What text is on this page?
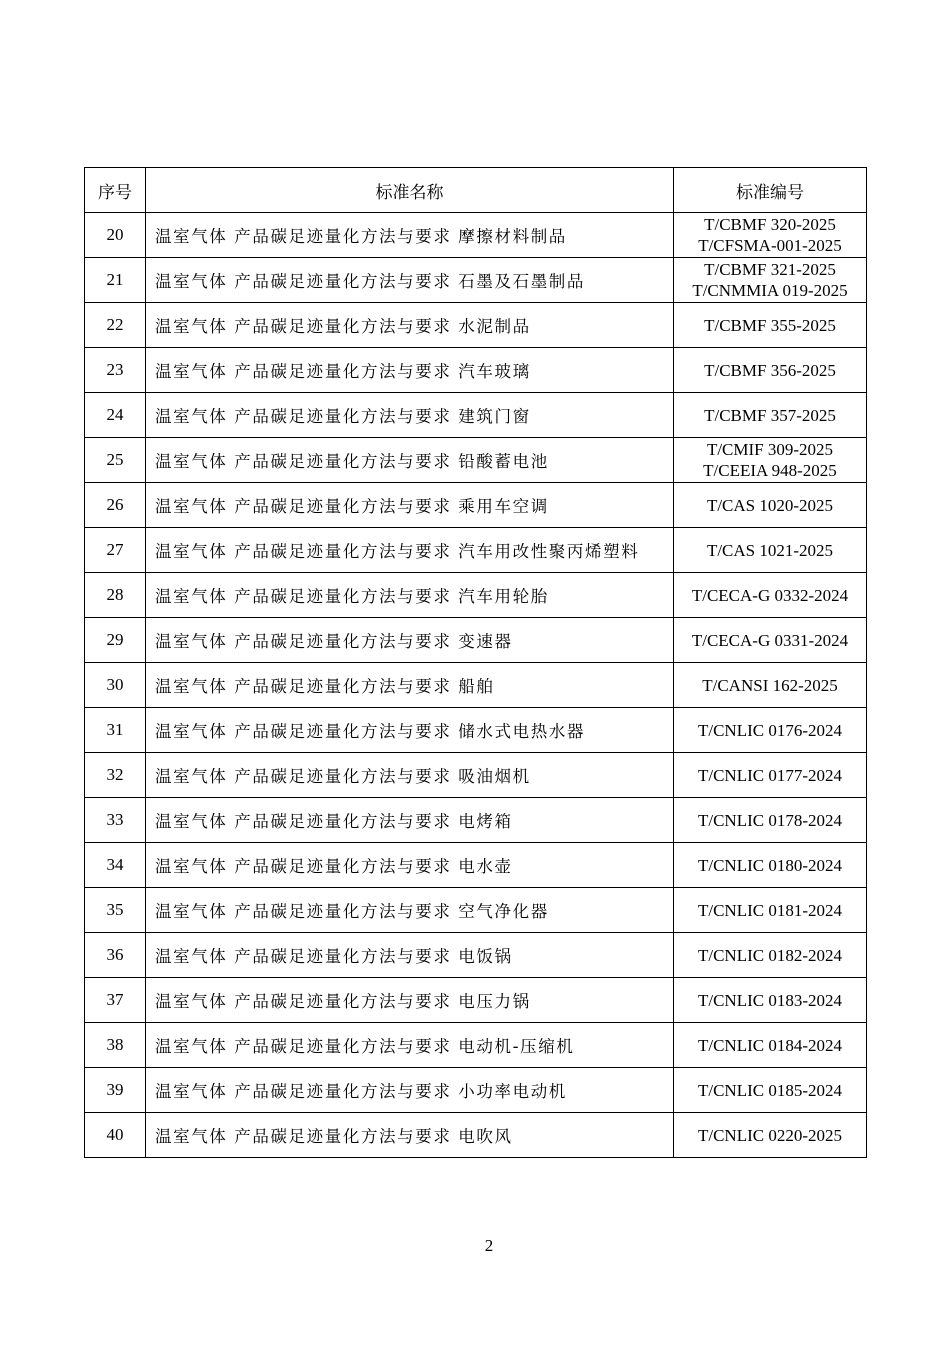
序号	标准名称	标准编号
20	温室气体 产品碳足迹量化方法与要求 摩擦材料制品	T/CBMF 320-2025
T/CFSMA-001-2025

21	温室气体 产品碳足迹量化方法与要求 石墨及石墨制品	T/CBMF 321-2025
T/CNMMIA 019-2025

22	温室气体 产品碳足迹量化方法与要求 水泥制品	T/CBMF 355-2025

23	温室气体 产品碳足迹量化方法与要求 汽车玻璃	T/CBMF 356-2025

24	温室气体 产品碳足迹量化方法与要求 建筑门窗	T/CBMF 357-2025

25	温室气体 产品碳足迹量化方法与要求 铅酸蓄电池	T/CMIF 309-2025
T/CEEIA 948-2025

26	温室气体 产品碳足迹量化方法与要求 乘用车空调	T/CAS 1020-2025

27	温室气体 产品碳足迹量化方法与要求 汽车用改性聚丙烯塑料	T/CAS 1021-2025

28	温室气体 产品碳足迹量化方法与要求 汽车用轮胎	T/CECA-G 0332-2024

29	温室气体 产品碳足迹量化方法与要求 变速器	T/CECA-G 0331-2024

30	温室气体 产品碳足迹量化方法与要求 船舶	T/CANSI 162-2025

31	温室气体 产品碳足迹量化方法与要求 储水式电热水器	T/CNLIC 0176-2024

32	温室气体 产品碳足迹量化方法与要求 吸油烟机	T/CNLIC 0177-2024

33	温室气体 产品碳足迹量化方法与要求 电烤箱	T/CNLIC 0178-2024

34	温室气体 产品碳足迹量化方法与要求 电水壶	T/CNLIC 0180-2024

35	温室气体 产品碳足迹量化方法与要求 空气净化器	T/CNLIC 0181-2024

36	温室气体 产品碳足迹量化方法与要求 电饭锅	T/CNLIC 0182-2024

37	温室气体 产品碳足迹量化方法与要求 电压力锅	T/CNLIC 0183-2024

38	温室气体 产品碳足迹量化方法与要求 电动机-压缩机	T/CNLIC 0184-2024

39	温室气体 产品碳足迹量化方法与要求 小功率电动机	T/CNLIC 0185-2024

40	温室气体 产品碳足迹量化方法与要求 电吹风	T/CNLIC 0220-2025
2
